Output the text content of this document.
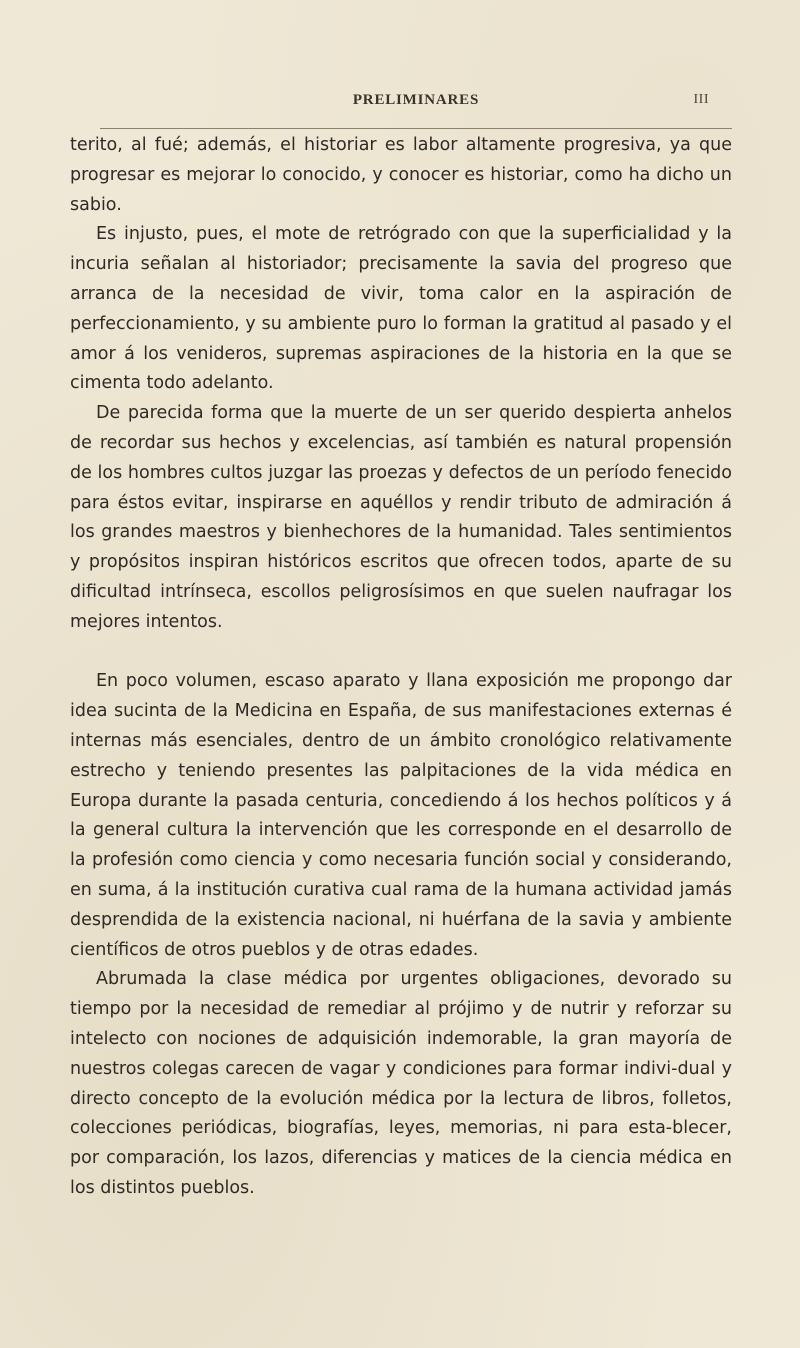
PRELIMINARES	III

terito, al fué; además, el historiar es labor altamente progresiva, ya que progresar es mejorar lo conocido, y conocer es historiar, como ha dicho un sabio.

Es injusto, pues, el mote de retrógrado con que la superficialidad y la incuria señalan al historiador; precisamente la savia del progreso que arranca de la necesidad de vivir, toma calor en la aspiración de perfeccionamiento, y su ambiente puro lo forman la gratitud al pasado y el amor á los venideros, supremas aspiraciones de la historia en la que se cimenta todo adelanto.

De parecida forma que la muerte de un ser querido despierta anhelos de recordar sus hechos y excelencias, así también es natural propensión de los hombres cultos juzgar las proezas y defectos de un período fenecido para éstos evitar, inspirarse en aquéllos y rendir tributo de admiración á los grandes maestros y bienhechores de la humanidad. Tales sentimientos y propósitos inspiran históricos escritos que ofrecen todos, aparte de su dificultad intrínseca, escollos peligrosísimos en que suelen naufragar los mejores intentos.

En poco volumen, escaso aparato y llana exposición me propongo dar idea sucinta de la Medicina en España, de sus manifestaciones externas é internas más esenciales, dentro de un ámbito cronológico relativamente estrecho y teniendo presentes las palpitaciones de la vida médica en Europa durante la pasada centuria, concediendo á los hechos políticos y á la general cultura la intervención que les corresponde en el desarrollo de la profesión como ciencia y como necesaria función social y considerando, en suma, á la institución curativa cual rama de la humana actividad jamás desprendida de la existencia nacional, ni huérfana de la savia y ambiente científicos de otros pueblos y de otras edades.

Abrumada la clase médica por urgentes obligaciones, devorado su tiempo por la necesidad de remediar al prójimo y de nutrir y reforzar su intelecto con nociones de adquisición indemorable, la gran mayoría de nuestros colegas carecen de vagar y condiciones para formar indivi-dual y directo concepto de la evolución médica por la lectura de libros, folletos, colecciones periódicas, biografías, leyes, memorias, ni para esta-blecer, por comparación, los lazos, diferencias y matices de la ciencia médica en los distintos pueblos.
